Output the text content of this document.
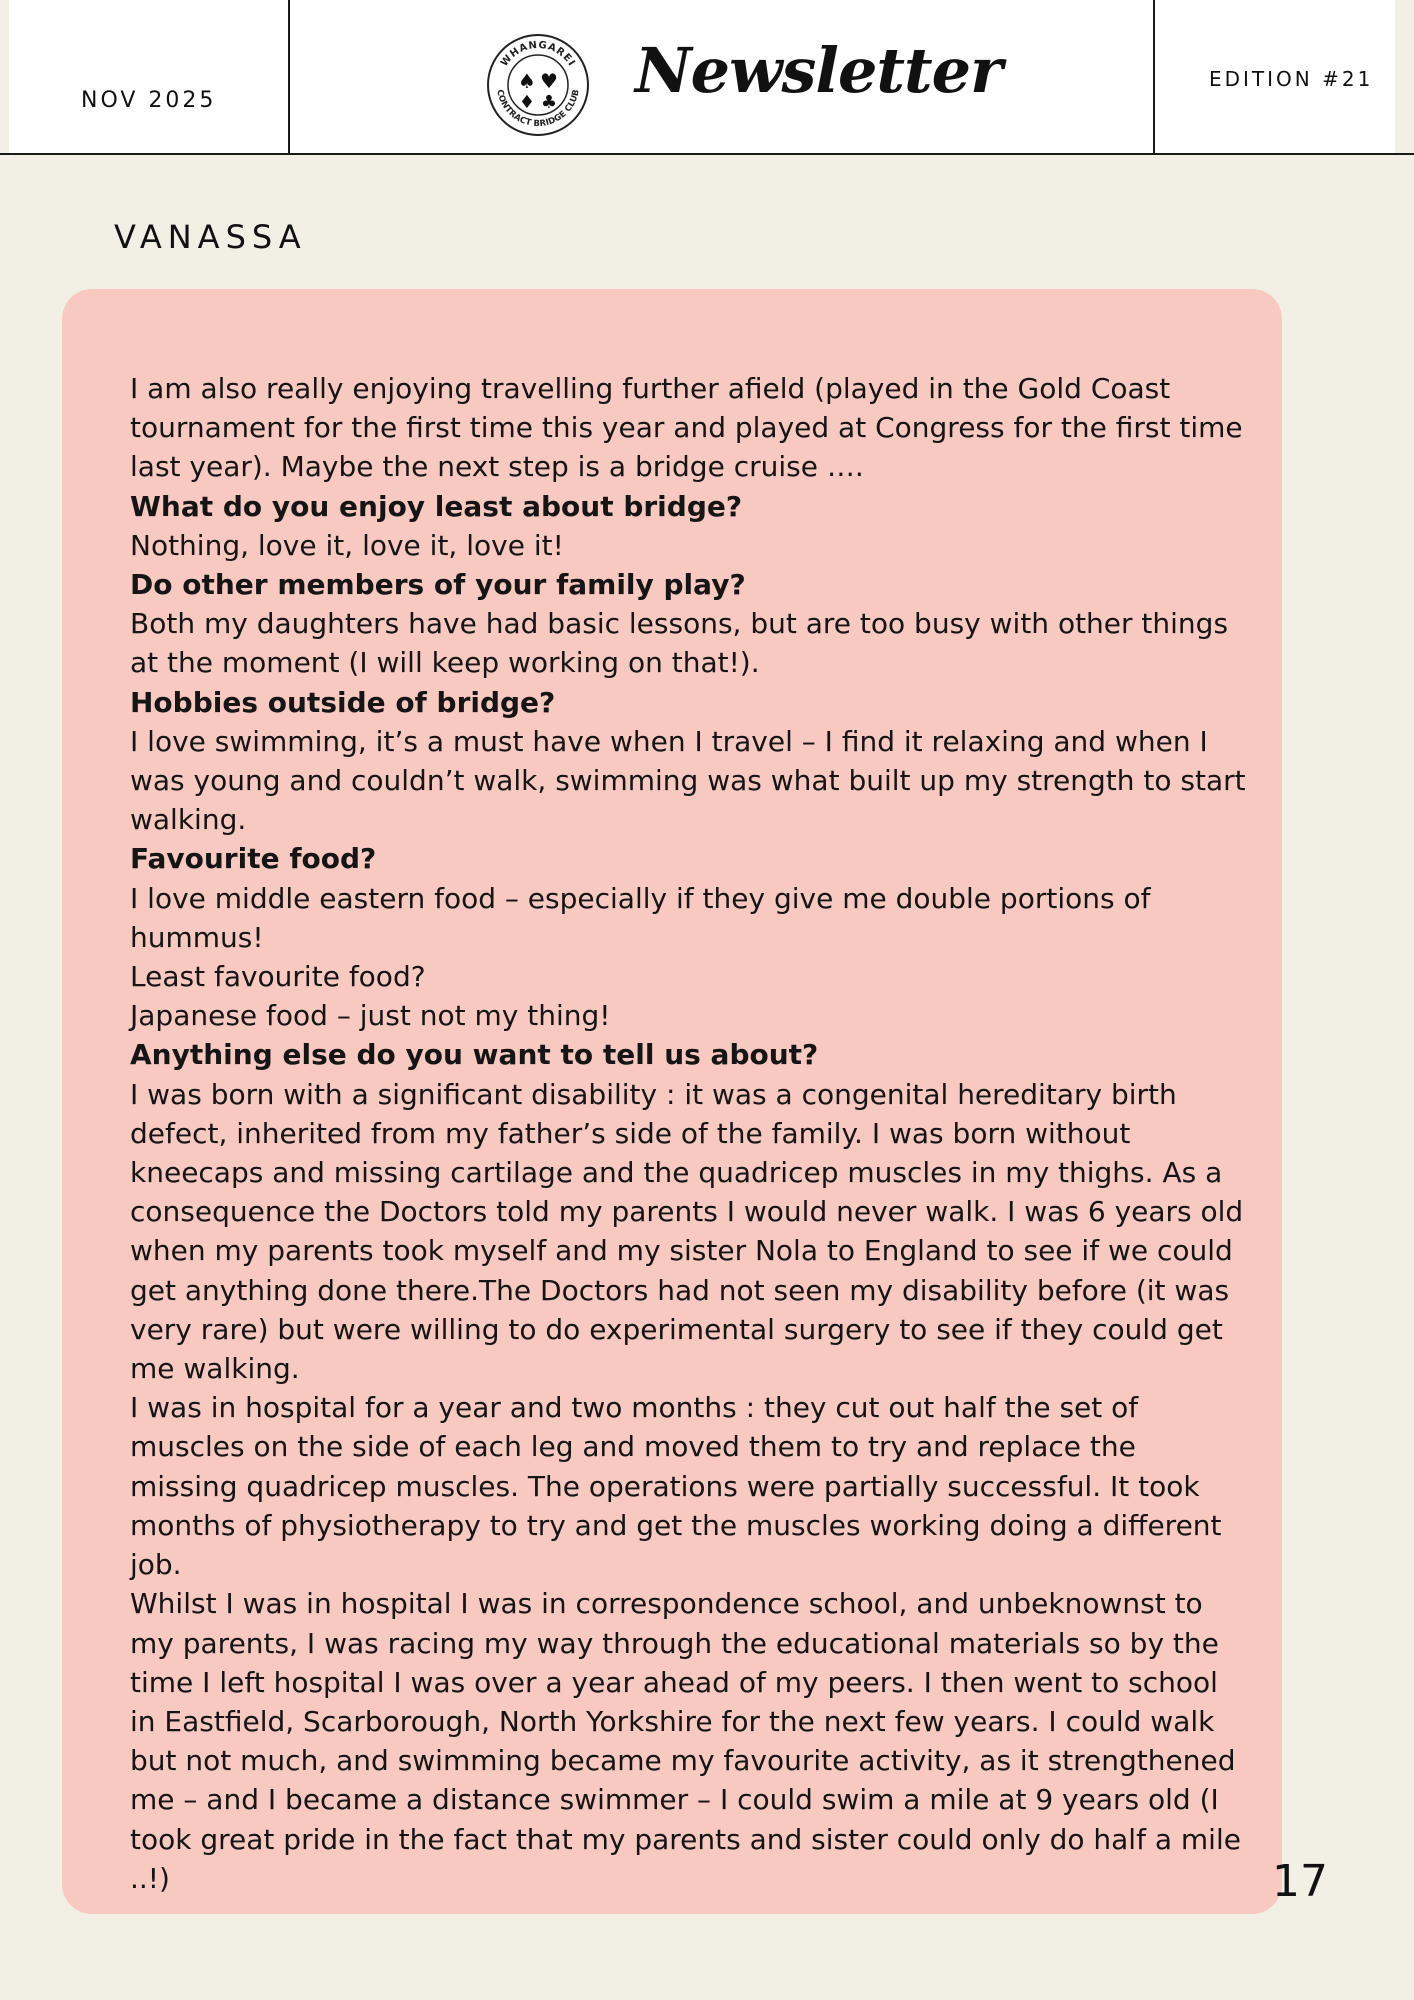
NOV 2025
WHANGAREI
CONTRACT BRIDGE CLUB
♠ ♥
♦ ♣ Newsletter	EDITION #21
VANASSA

I am also really enjoying travelling further afield (played in the Gold Coast tournament for the first time this year and played at Congress for the first time last year). Maybe the next step is a bridge cruise ….

What do you enjoy least about bridge?

Nothing, love it, love it, love it!

Do other members of your family play?

Both my daughters have had basic lessons, but are too busy with other things at the moment (I will keep working on that!).

Hobbies outside of bridge?

I love swimming, it’s a must have when I travel – I find it relaxing and when I was young and couldn’t walk, swimming was what built up my strength to start walking.

Favourite food?

I love middle eastern food – especially if they give me double portions of hummus!

Least favourite food?

Japanese food – just not my thing!

Anything else do you want to tell us about?

I was born with a significant disability : it was a congenital hereditary birth defect, inherited from my father’s side of the family. I was born without kneecaps and missing cartilage and the quadricep muscles in my thighs. As a consequence the Doctors told my parents I would never walk. I was 6 years old when my parents took myself and my sister Nola to England to see if we could get anything done there.The Doctors had not seen my disability before (it was very rare) but were willing to do experimental surgery to see if they could get me walking.

I was in hospital for a year and two months : they cut out half the set of muscles on the side of each leg and moved them to try and replace the missing quadricep muscles. The operations were partially successful. It took months of physiotherapy to try and get the muscles working doing a different job.

Whilst I was in hospital I was in correspondence school, and unbeknownst to my parents, I was racing my way through the educational materials so by the time I left hospital I was over a year ahead of my peers. I then went to school in Eastfield, Scarborough, North Yorkshire for the next few years. I could walk but not much, and swimming became my favourite activity, as it strengthened me – and I became a distance swimmer – I could swim a mile at 9 years old (I took great pride in the fact that my parents and sister could only do half a mile ..!)	17
